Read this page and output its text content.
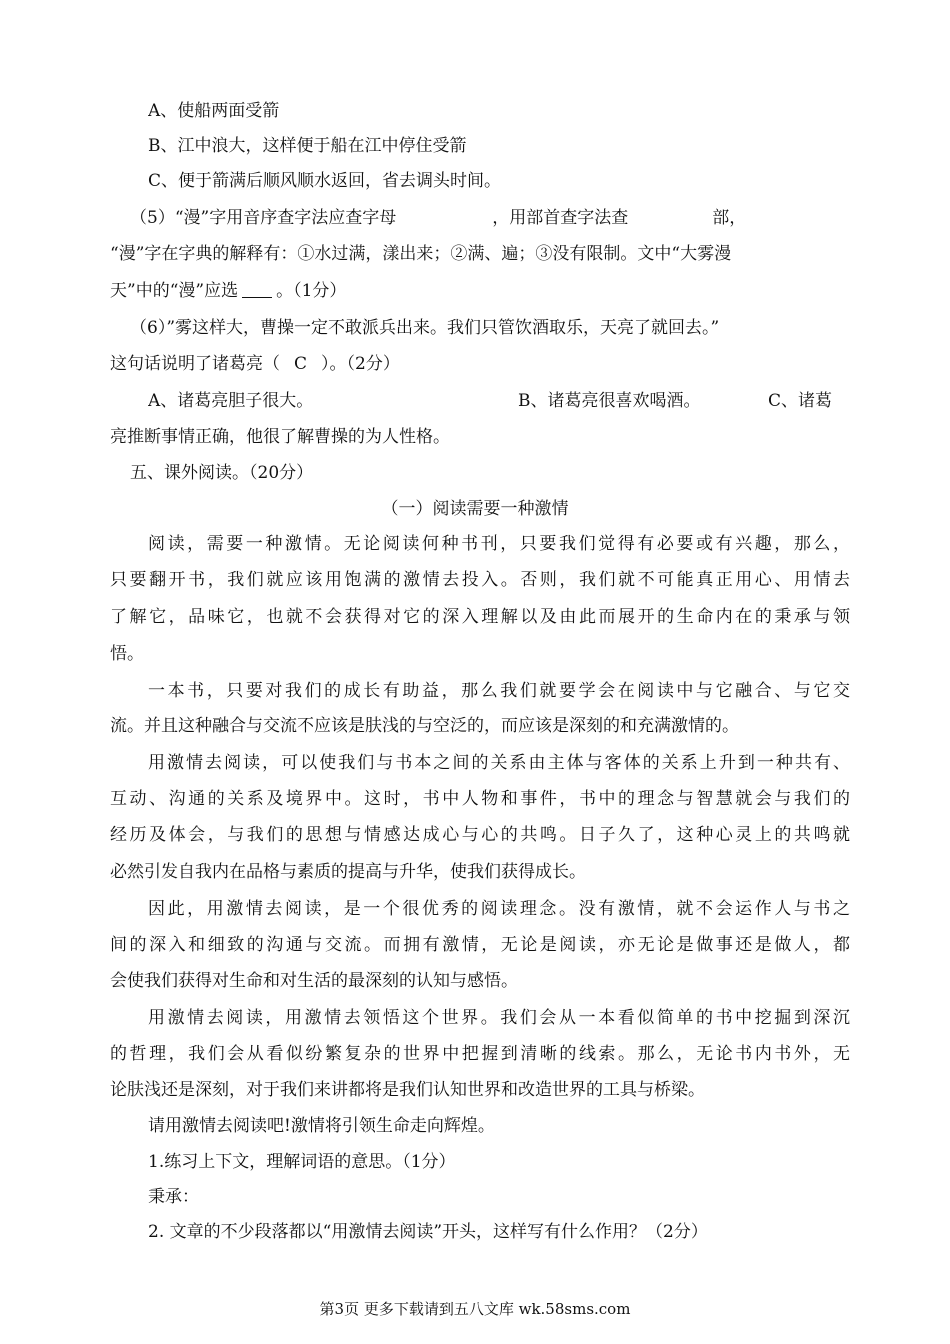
A、使船两面受箭
B、江中浪大，这样便于船在江中停住受箭
C、便于箭满后顺风顺水返回，省去调头时间。
（5）“漫”字用音序查字法应查字母	，用部首查字法查	部，
“漫”字在字典的解释有：①水过满，漾出来；②满、遍；③没有限制。文中“大雾漫
天”中的“漫”应选 。（1分）
（6）”雾这样大，曹操一定不敢派兵出来。我们只管饮酒取乐，天亮了就回去。”
这句话说明了诸葛亮（ C ）。（2分）
A、诸葛亮胆子很大。	B、诸葛亮很喜欢喝酒。	C、诸葛
亮推断事情正确，他很了解曹操的为人性格。
五、课外阅读。（20分）
（一）阅读需要一种激情
阅读，需要一种激情。无论阅读何种书刊，只要我们觉得有必要或有兴趣，那么，
只要翻开书，我们就应该用饱满的激情去投入。否则，我们就不可能真正用心、用情去
了解它，品味它，也就不会获得对它的深入理解以及由此而展开的生命内在的秉承与领
悟。
一本书，只要对我们的成长有助益，那么我们就要学会在阅读中与它融合、与它交
流。并且这种融合与交流不应该是肤浅的与空泛的，而应该是深刻的和充满激情的。
用激情去阅读，可以使我们与书本之间的关系由主体与客体的关系上升到一种共有、
互动、沟通的关系及境界中。这时，书中人物和事件，书中的理念与智慧就会与我们的
经历及体会，与我们的思想与情感达成心与心的共鸣。日子久了，这种心灵上的共鸣就
必然引发自我内在品格与素质的提高与升华，使我们获得成长。
因此，用激情去阅读，是一个很优秀的阅读理念。没有激情，就不会运作人与书之
间的深入和细致的沟通与交流。而拥有激情，无论是阅读，亦无论是做事还是做人，都
会使我们获得对生命和对生活的最深刻的认知与感悟。
用激情去阅读，用激情去领悟这个世界。我们会从一本看似简单的书中挖掘到深沉
的哲理，我们会从看似纷繁复杂的世界中把握到清晰的线索。那么，无论书内书外，无
论肤浅还是深刻，对于我们来讲都将是我们认知世界和改造世界的工具与桥梁。
请用激情去阅读吧!激情将引领生命走向辉煌。
1.练习上下文，理解词语的意思。（1分）
秉承：
2. 文章的不少段落都以“用激情去阅读”开头，这样写有什么作用？（2分）
第3页 更多下载请到五八文库 wk.58sms.com
